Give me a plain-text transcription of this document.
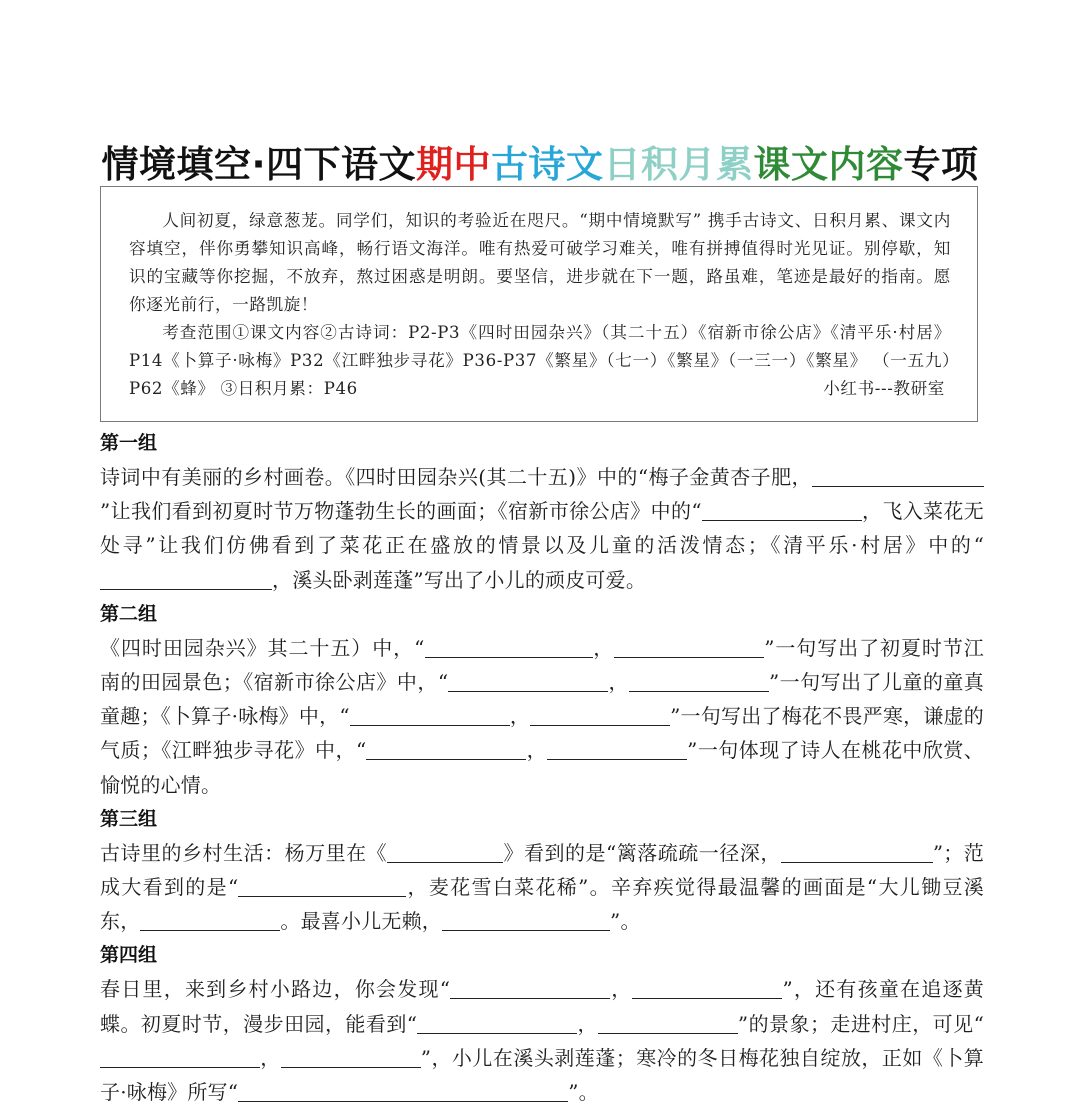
情境填空·四下语文期中古诗文日积月累课文内容专项

人间初夏，绿意葱茏。同学们，知识的考验近在咫尺。“期中情境默写” 携手古诗文、日积月累、课文内容填空，伴你勇攀知识高峰，畅行语文海洋。唯有热爱可破学习难关，唯有拼搏值得时光见证。别停歇，知识的宝藏等你挖掘，不放弃，熬过困惑是明朗。要坚信，进步就在下一题，路虽难，笔迹是最好的指南。愿你逐光前行，一路凯旋！

考查范围①课文内容②古诗词：P2-P3《四时田园杂兴》（其二十五）《宿新市徐公店》《清平乐·村居》P14《卜算子·咏梅》P32《江畔独步寻花》P36-P37《繁星》（七一）《繁星》（一三一）《繁星》 （一五九）P62《蜂》 ③日积月累：P46	小红书---教研室

第一组

诗词中有美丽的乡村画卷。《四时田园杂兴(其二十五)》中的“梅子金黄杏子肥，”让我们看到初夏时节万物蓬勃生长的画面；《宿新市徐公店》中的“	，飞入菜花无处寻”让我们仿佛看到了菜花正在盛放的情景以及儿童的活泼情态；《清平乐·村居》中的“，溪头卧剥莲蓬”写出了小儿的顽皮可爱。

第二组

《四时田园杂兴》其二十五）中，“	，	”一句写出了初夏时节江南的田园景色；《宿新市徐公店》中，“	，	”一句写出了儿童的童真童趣；《卜算子·咏梅》中，“	，	”一句写出了梅花不畏严寒，谦虚的气质；《江畔独步寻花》中，“	，	”一句体现了诗人在桃花中欣赏、愉悦的心情。

第三组

古诗里的乡村生活：杨万里在《	》看到的是“篱落疏疏一径深，	”；范成大看到的是“	，麦花雪白菜花稀”。辛弃疾觉得最温馨的画面是“大儿锄豆溪东，	。最喜小儿无赖，	”。

第四组

春日里，来到乡村小路边，你会发现“	，	”，还有孩童在追逐黄蝶。初夏时节，漫步田园，能看到“	，	”的景象；走进村庄，可见“，	”，小儿在溪头剥莲蓬；寒冷的冬日梅花独自绽放，正如《卜算子·咏梅》所写“	”。
